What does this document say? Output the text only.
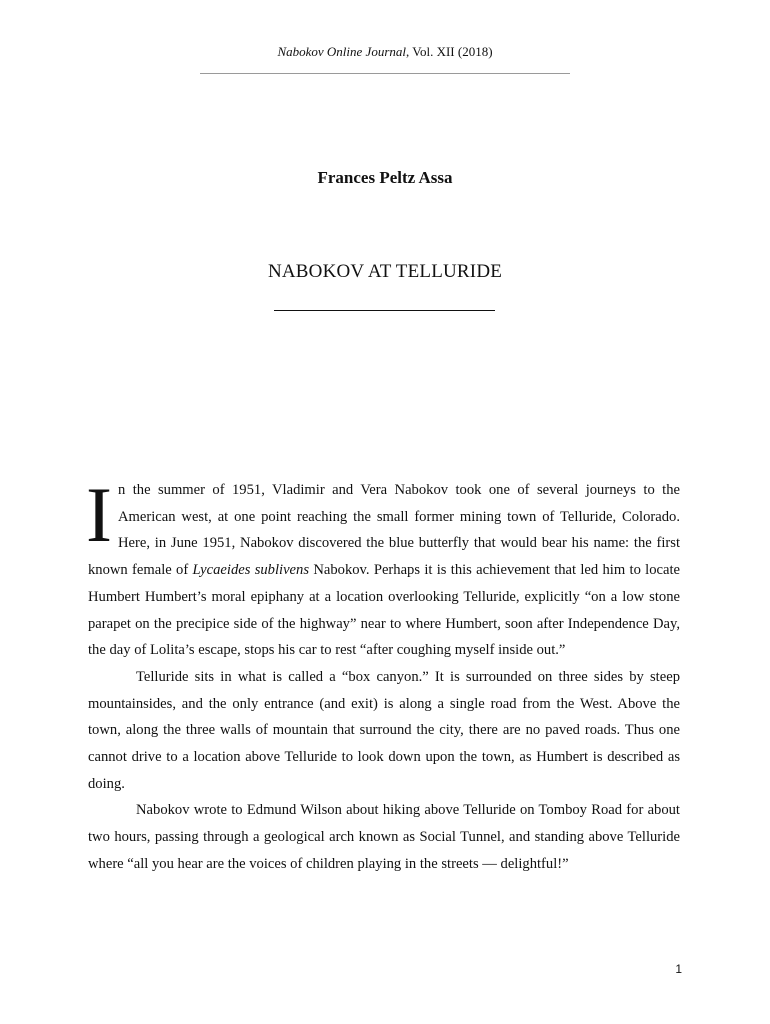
Nabokov Online Journal, Vol. XII (2018)
Frances Peltz Assa
NABOKOV AT TELLURIDE

In the summer of 1951, Vladimir and Vera Nabokov took one of several journeys to the American west, at one point reaching the small former mining town of Telluride, Colorado. Here, in June 1951, Nabokov discovered the blue butterfly that would bear his name: the first known female of Lycaeides sublivens Nabokov. Perhaps it is this achievement that led him to locate Humbert Humbert’s moral epiphany at a location overlooking Telluride, explicitly “on a low stone parapet on the precipice side of the highway” near to where Humbert, soon after Independence Day, the day of Lolita’s escape, stops his car to rest “after coughing myself inside out.”

Telluride sits in what is called a “box canyon.” It is surrounded on three sides by steep mountainsides, and the only entrance (and exit) is along a single road from the West. Above the town, along the three walls of mountain that surround the city, there are no paved roads. Thus one cannot drive to a location above Telluride to look down upon the town, as Humbert is described as doing.

Nabokov wrote to Edmund Wilson about hiking above Telluride on Tomboy Road for about two hours, passing through a geological arch known as Social Tunnel, and standing above Telluride where “all you hear are the voices of children playing in the streets — delightful!”

1
